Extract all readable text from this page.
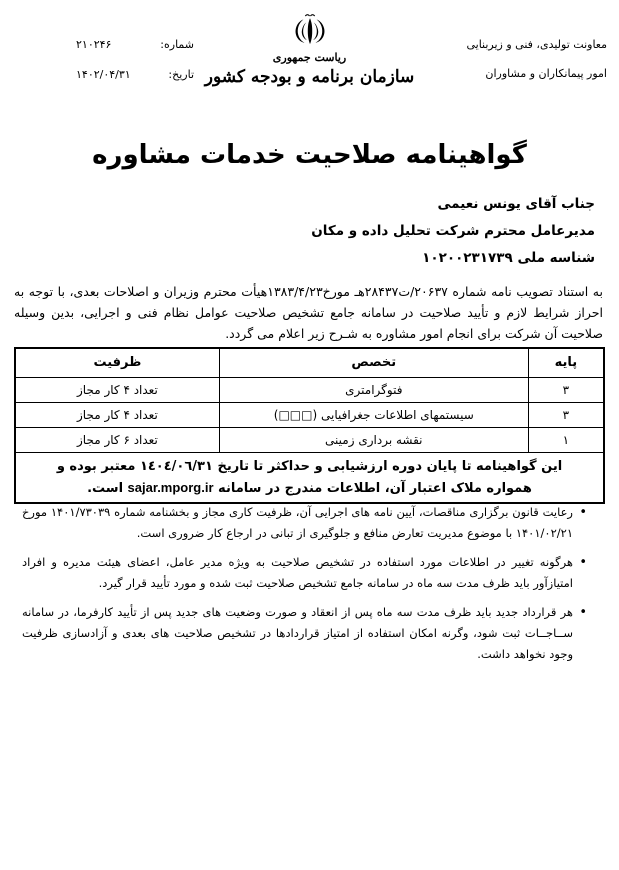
معاونت تولیدی، فنی و زیربنایی
امور پیمانکاران و مشاوران
ریاست جمهوری
سازمان برنامه و بودجه کشور
شماره:
۲۱۰۲۴۶
تاریخ:
۱۴۰۲/۰۴/۳۱
گواهینامه صلاحیت خدمات مشاوره
جناب آقای یونس نعیمی
مدیرعامل محترم شرکت تحلیل داده و مکان
شناسه ملی ۱۰۲۰۰۲۳۱۷۳۹

به استناد تصویب نامه شماره ۲۰۶۳۷/ت۲۸۴۳۷هـ مورخ۱۳۸۳/۴/۲۳هیأت محترم وزیران و اصلاحات بعدی، با توجه به احراز شرایط لازم و تأیید صلاحیت در سامانه جامع تشخیص صلاحیت عوامل نظام فنی و اجرایی، بدین وسیله صلاحیت آن شرکت برای انجام امور مشاوره به شـرح زیر اعلام می گردد.

پایه	تخصص	ظرفیت
۳	فتوگرامتری	تعداد ۴ کار مجاز
۳	سیستمهای اطلاعات جغرافیایی (□□□)	تعداد ۴ کار مجاز
۱	نقشه برداری زمینی	تعداد ۶ کار مجاز

این گواهینامه تا پایان دوره ارزشیابی و حداکثر تا تاریخ ١٤٠٤/٠٦/٣١ معتبر بوده و
همواره ملاک اعتبار آن، اطلاعات مندرج در سامانه sajar.mporg.ir است.		
• رعایت قانون برگزاری مناقصات، آیین نامه های اجرایی آن، ظرفیت کاری مجاز و بخشنامه شماره ۱۴۰۱/۷۳۰۳۹ مورخ ۱۴۰۱/۰۲/۲۱ با موضوع مدیریت تعارض منافع و جلوگیری از تبانی در ارجاع کار ضروری است.
• هرگونه تغییر در اطلاعات مورد استفاده در تشخیص صلاحیت به ویژه مدیر عامل، اعضای هیئت مدیره و افراد امتیازآور باید ظرف مدت سه ماه در سامانه جامع تشخیص صلاحیت ثبت شده و مورد تأیید قرار گیرد.
• هر قرارداد جدید باید ظرف مدت سه ماه پس از انعقاد و صورت وضعیت های جدید پس از تأیید کارفرما، در سامانه ســاجــات ثبت شود، وگرنه امکان استفاده از امتیاز قراردادها در تشخیص صلاحیت های بعدی و آزادسازی ظرفیت وجود نخواهد داشت.
